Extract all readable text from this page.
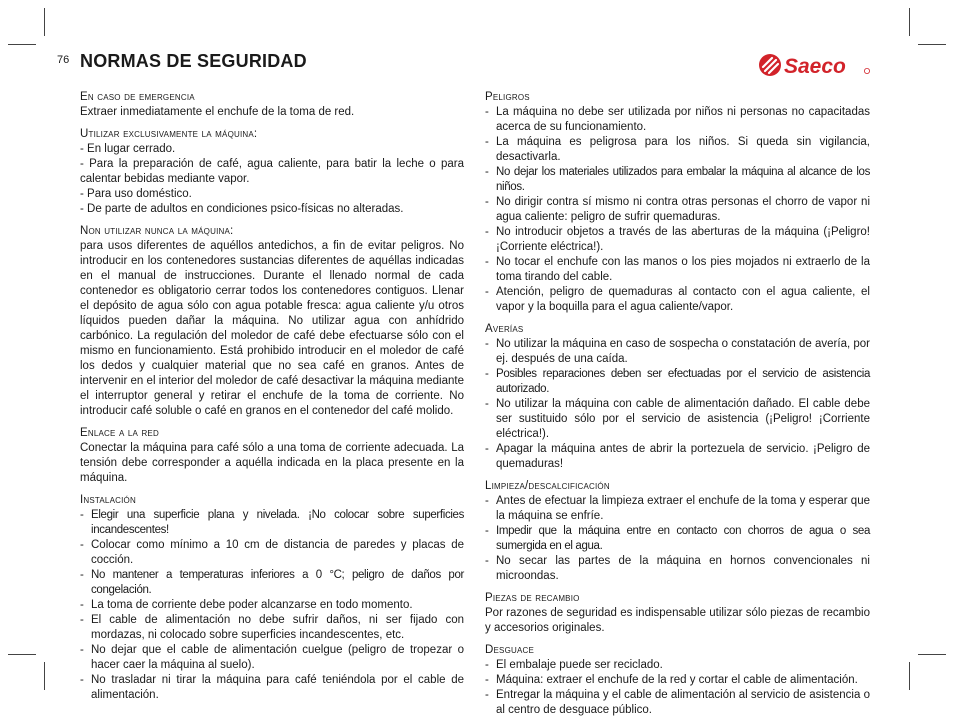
76 NORMAS DE SEGURIDAD	Saeco
En caso de emergencia

Extraer inmediatamente el enchufe de la toma de red.

Utilizar exclusivamente la máquina:
- En lugar cerrado.
- Para la preparación de café, agua caliente, para batir la leche o para calentar bebidas mediante vapor.
- Para uso doméstico.
- De parte de adultos en condiciones psico-físicas no alteradas.
Non utilizar nunca la máquina:

para usos diferentes de aquéllos antedichos, a fin de evitar peligros. No introducir en los contenedores sustancias diferentes de aquéllas indicadas en el manual de instrucciones. Durante el llenado normal de cada contenedor es obligatorio cerrar todos los contenedores contiguos. Llenar el depósito de agua sólo con agua potable fresca: agua caliente y/u otros líquidos pueden dañar la máquina. No utilizar agua con anhídrido carbónico. La regulación del moledor de café debe efectuarse sólo con el mismo en funcionamiento. Está prohibido introducir en el moledor de café los dedos y cualquier material que no sea café en granos. Antes de intervenir en el interior del moledor de café desactivar la máquina mediante el interruptor general y retirar el enchufe de la toma de corriente. No introducir café soluble o café en granos en el contenedor del café molido.

Enlace a la red

Conectar la máquina para café sólo a una toma de corriente adecuada. La tensión debe corresponder a aquélla indicada en la placa presente en la máquina.

Instalación
- Elegir una superficie plana y nivelada. ¡No colocar sobre superficies incandescentes!
- Colocar como mínimo a 10 cm de distancia de paredes y placas de cocción.
- No mantener a temperaturas inferiores a 0 °C; peligro de daños por congelación.
- La toma de corriente debe poder alcanzarse en todo momento.
- El cable de alimentación no debe sufrir daños, ni ser fijado con mordazas, ni colocado sobre superficies incandescentes, etc.
- No dejar que el cable de alimentación cuelgue (peligro de tropezar o hacer caer la máquina al suelo).
- No trasladar ni tirar la máquina para café teniéndola por el cable de alimentación.
Peligros
- La máquina no debe ser utilizada por niños ni personas no capacitadas acerca de su funcionamiento.
- La máquina es peligrosa para los niños. Si queda sin vigilancia, desactivarla.
- No dejar los materiales utilizados para embalar la máquina al alcance de los niños.
- No dirigir contra sí mismo ni contra otras personas el chorro de vapor ni agua caliente: peligro de sufrir quemaduras.
- No introducir objetos a través de las aberturas de la máquina (¡Peligro! ¡Corriente eléctrica!).
- No tocar el enchufe con las manos o los pies mojados ni extraerlo de la toma tirando del cable.
- Atención, peligro de quemaduras al contacto con el agua caliente, el vapor y la boquilla para el agua caliente/vapor.
Averías
- No utilizar la máquina en caso de sospecha o constatación de avería, por ej. después de una caída.
- Posibles reparaciones deben ser efectuadas por el servicio de asistencia autorizado.
- No utilizar la máquina con cable de alimentación dañado. El cable debe ser sustituido sólo por el servicio de asistencia (¡Peligro! ¡Corriente eléctrica!).
- Apagar la máquina antes de abrir la portezuela de servicio. ¡Peligro de quemaduras!
Limpieza/descalcificación
- Antes de efectuar la limpieza extraer el enchufe de la toma y esperar que la máquina se enfríe.
- Impedir que la máquina entre en contacto con chorros de agua o sea sumergida en el agua.
- No secar las partes de la máquina en hornos convencionales ni microondas.
Piezas de recambio

Por razones de seguridad es indispensable utilizar sólo piezas de recambio y accesorios originales.

Desguace
- El embalaje puede ser reciclado.
- Máquina: extraer el enchufe de la red y cortar el cable de alimentación.
- Entregar la máquina y el cable de alimentación al servicio de asistencia o al centro de desguace público.
